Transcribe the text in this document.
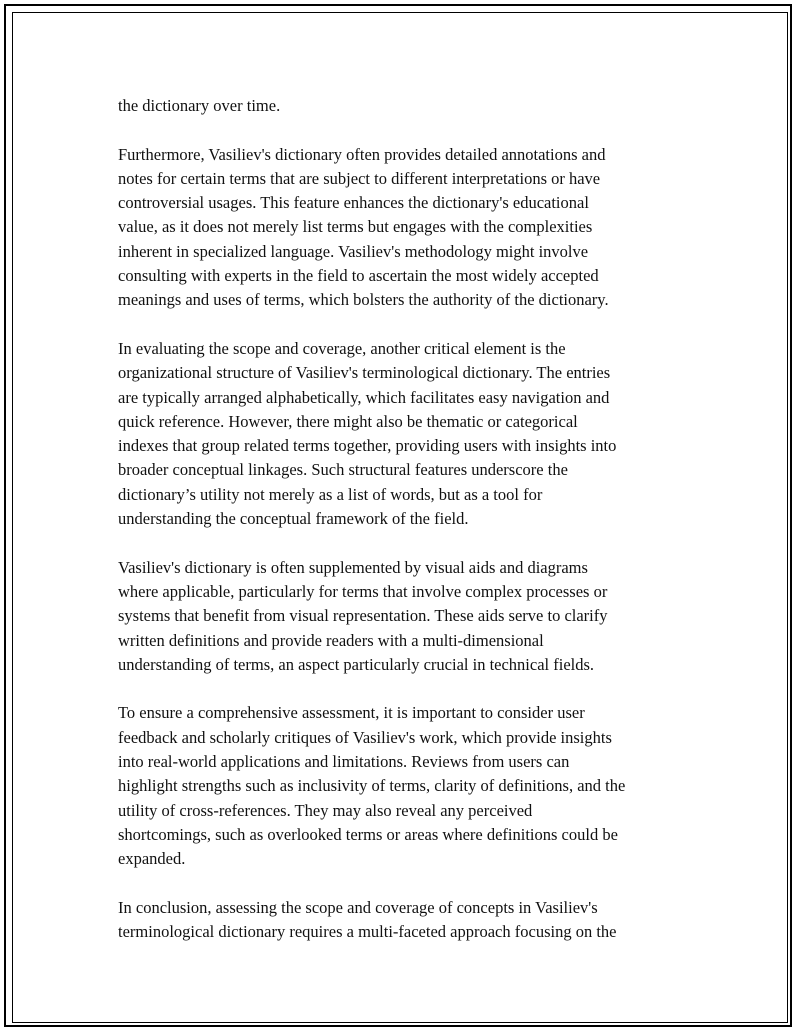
the dictionary over time.

Furthermore, Vasiliev's dictionary often provides detailed annotations and
notes for certain terms that are subject to different interpretations or have
controversial usages. This feature enhances the dictionary's educational
value, as it does not merely list terms but engages with the complexities
inherent in specialized language. Vasiliev's methodology might involve
consulting with experts in the field to ascertain the most widely accepted
meanings and uses of terms, which bolsters the authority of the dictionary.

In evaluating the scope and coverage, another critical element is the
organizational structure of Vasiliev's terminological dictionary. The entries
are typically arranged alphabetically, which facilitates easy navigation and
quick reference. However, there might also be thematic or categorical
indexes that group related terms together, providing users with insights into
broader conceptual linkages. Such structural features underscore the
dictionary’s utility not merely as a list of words, but as a tool for
understanding the conceptual framework of the field.

Vasiliev's dictionary is often supplemented by visual aids and diagrams
where applicable, particularly for terms that involve complex processes or
systems that benefit from visual representation. These aids serve to clarify
written definitions and provide readers with a multi-dimensional
understanding of terms, an aspect particularly crucial in technical fields.

To ensure a comprehensive assessment, it is important to consider user
feedback and scholarly critiques of Vasiliev's work, which provide insights
into real-world applications and limitations. Reviews from users can
highlight strengths such as inclusivity of terms, clarity of definitions, and the
utility of cross-references. They may also reveal any perceived
shortcomings, such as overlooked terms or areas where definitions could be
expanded.

In conclusion, assessing the scope and coverage of concepts in Vasiliev's
terminological dictionary requires a multi-faceted approach focusing on the
